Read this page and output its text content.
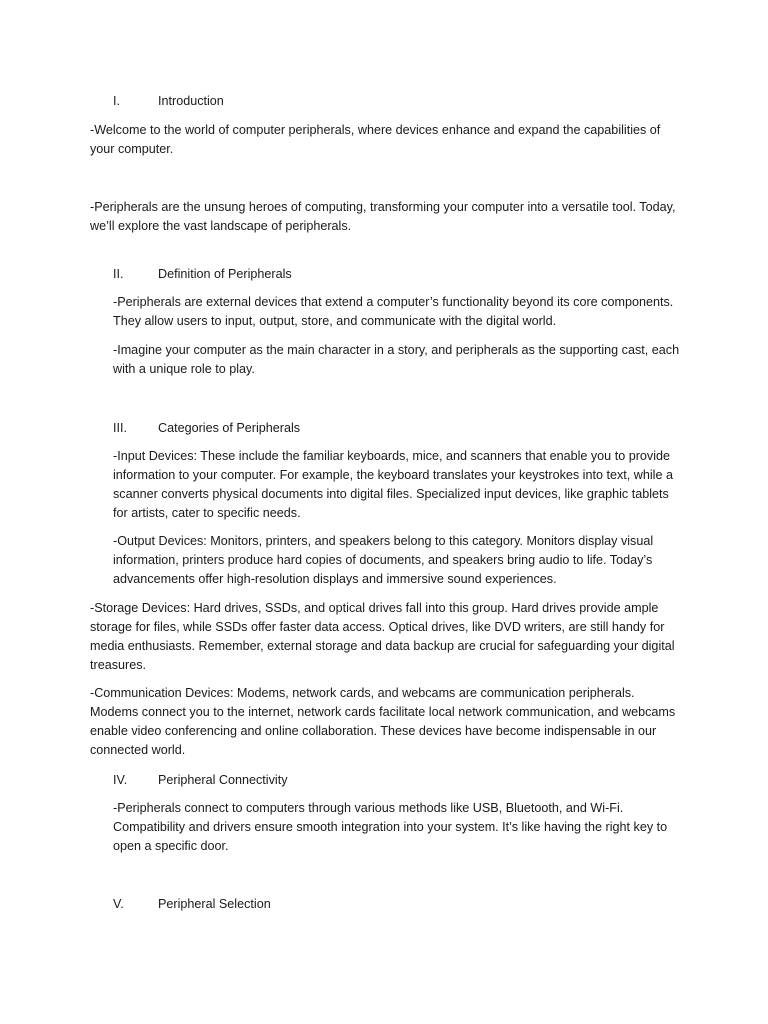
I.	Introduction

-Welcome to the world of computer peripherals, where devices enhance and expand the capabilities of your computer.

-Peripherals are the unsung heroes of computing, transforming your computer into a versatile tool. Today, we’ll explore the vast landscape of peripherals.

II.	Definition of Peripherals

-Peripherals are external devices that extend a computer’s functionality beyond its core components. They allow users to input, output, store, and communicate with the digital world.

-Imagine your computer as the main character in a story, and peripherals as the supporting cast, each with a unique role to play.

III. Categories of Peripherals

-Input Devices: These include the familiar keyboards, mice, and scanners that enable you to provide information to your computer. For example, the keyboard translates your keystrokes into text, while a scanner converts physical documents into digital files. Specialized input devices, like graphic tablets for artists, cater to specific needs.

-Output Devices: Monitors, printers, and speakers belong to this category. Monitors display visual information, printers produce hard copies of documents, and speakers bring audio to life. Today’s advancements offer high-resolution displays and immersive sound experiences.

-Storage Devices: Hard drives, SSDs, and optical drives fall into this group. Hard drives provide ample storage for files, while SSDs offer faster data access. Optical drives, like DVD writers, are still handy for media enthusiasts. Remember, external storage and data backup are crucial for safeguarding your digital treasures.

-Communication Devices: Modems, network cards, and webcams are communication peripherals. Modems connect you to the internet, network cards facilitate local network communication, and webcams enable video conferencing and online collaboration. These devices have become indispensable in our connected world.

IV. Peripheral Connectivity

-Peripherals connect to computers through various methods like USB, Bluetooth, and Wi-Fi. Compatibility and drivers ensure smooth integration into your system. It’s like having the right key to open a specific door.

V.	Peripheral Selection
